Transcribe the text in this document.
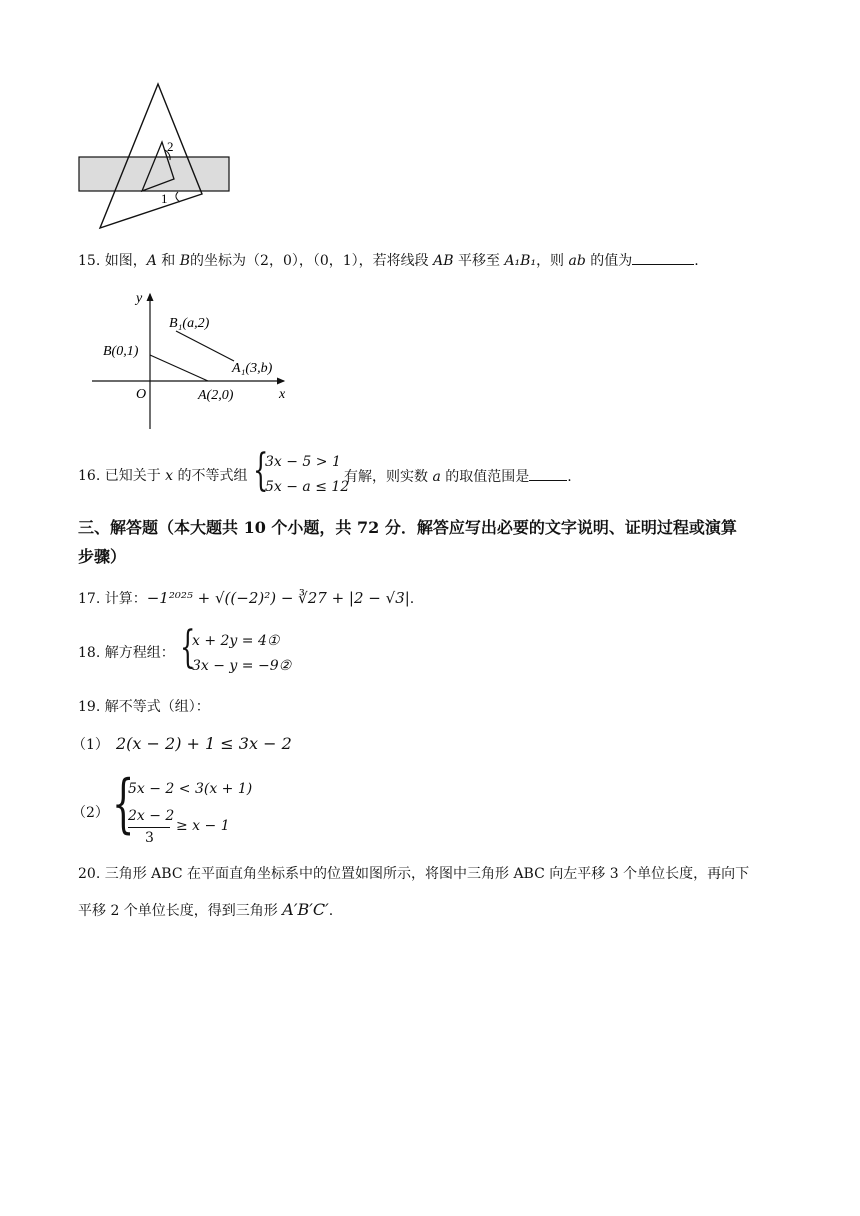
2
1
15. 如图，A 和 B的坐标为（2，0），（0，1），若将线段 AB 平移至 A₁B₁，则 ab 的值为	.
y
x
O
B(0,1)
A(2,0)
B₁(a,2)
A₁(3,b)
16. 已知关于 x 的不等式组 {
3x − 5 > 1
5x − a ≤ 12
有解，则实数 a 的取值范围是	.
三、解答题（本大题共 10 个小题，共 72 分．解答应写出必要的文字说明、证明过程或演算
步骤）
17. 计算：−1²⁰²⁵ + √((−2)²) − ∛27 + |2 − √3|.
18. 解方程组： {
x + 2y = 4①
3x − y = −9②
19. 解不等式（组）：
（1） 2(x − 2) + 1 ≤ 3x − 2
（2） {
5x − 2 < 3(x + 1)
2x − 2
3
≥ x − 1
20. 三角形 ABC 在平面直角坐标系中的位置如图所示，将图中三角形 ABC 向左平移 3 个单位长度，再向下
平移 2 个单位长度，得到三角形 A′B′C′.
